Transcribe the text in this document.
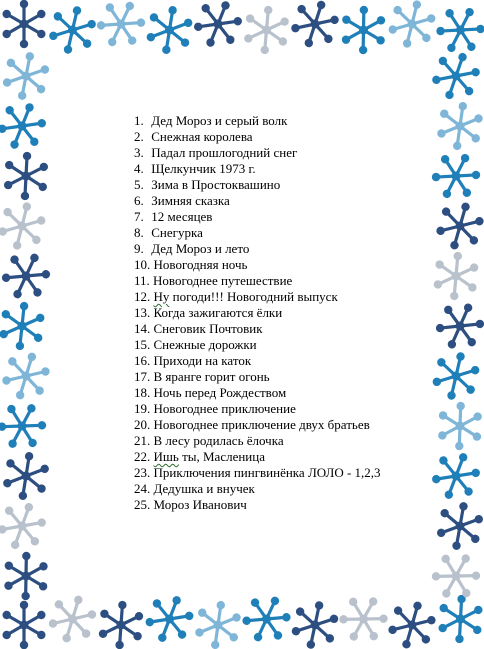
1. Дед Мороз и серый волк
2. Снежная королева
3. Падал прошлогодний снег
4. Щелкунчик 1973 г.
5. Зима в Простоквашино
6. Зимняя сказка
7. 12 месяцев
8. Снегурка
9. Дед Мороз и лето
10. Новогодняя ночь
11. Новогоднее путешествие
12. Ну погоди!!! Новогодний выпуск
13. Когда зажигаются ёлки
14. Снеговик Почтовик
15. Снежные дорожки
16. Приходи на каток
17. В яранге горит огонь
18. Ночь перед Рождеством
19. Новогоднее приключение
20. Новогоднее приключение двух братьев
21. В лесу родилась ёлочка
22. Ишь ты, Масленица
23. Приключения пингвинёнка ЛОЛО - 1,2,3
24. Дедушка и внучек
25. Мороз Иванович
